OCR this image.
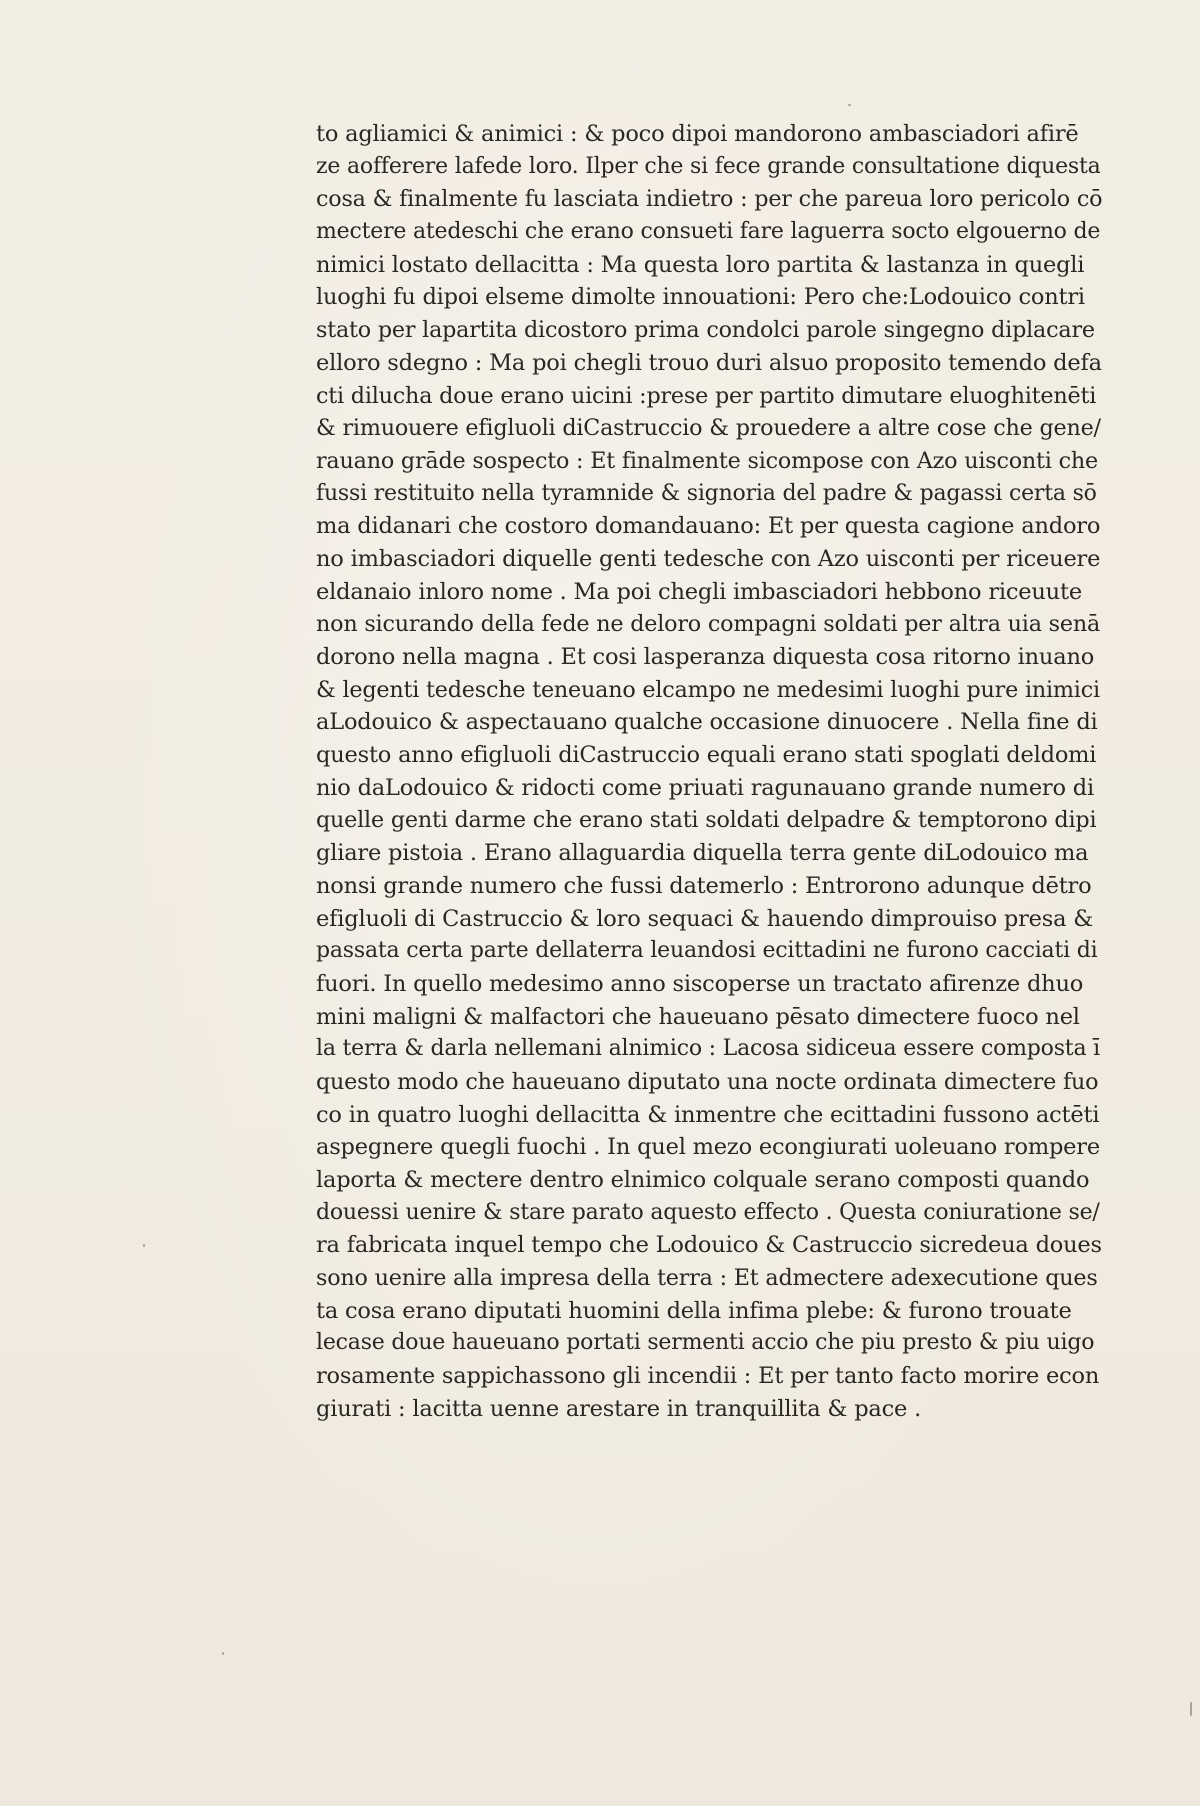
to agliamici & animici : & poco dipoi mandorono ambasciadori afirē
ze aofferere lafede loro. Ilper che si fece grande consultatione diquesta
cosa & finalmente fu lasciata indietro : per che pareua loro pericolo cō
mectere atedeschi che erano consueti fare laguerra socto elgouerno de
nimici lostato dellacitta : Ma questa loro partita & lastanza in quegli
luoghi fu dipoi elseme dimolte innouationi: Pero che:Lodouico contri
stato per lapartita dicostoro prima condolci parole singegno diplacare
elloro sdegno : Ma poi chegli trouo duri alsuo proposito temendo defa
cti dilucha doue erano uicini :prese per partito dimutare eluoghitenēti
& rimuouere efigluoli diCastruccio & prouedere a altre cose che gene/
rauano grāde sospecto : Et finalmente sicompose con Azo uisconti che
fussi restituito nella tyramnide & signoria del padre & pagassi certa sō
ma didanari che costoro domandauano: Et per questa cagione andoro
no imbasciadori diquelle genti tedesche con Azo uisconti per riceuere
eldanaio inloro nome . Ma poi chegli imbasciadori hebbono riceuute
non sicurando della fede ne deloro compagni soldati per altra uia senā
dorono nella magna . Et cosi lasperanza diquesta cosa ritorno inuano
& legenti tedesche teneuano elcampo ne medesimi luoghi pure inimici
aLodouico & aspectauano qualche occasione dinuocere . Nella fine di
questo anno efigluoli diCastruccio equali erano stati spoglati deldomi
nio daLodouico & ridocti come priuati ragunauano grande numero di
quelle genti darme che erano stati soldati delpadre & temptorono dipi
gliare pistoia . Erano allaguardia diquella terra gente diLodouico ma
nonsi grande numero che fussi datemerlo : Entrorono adunque dētro
efigluoli di Castruccio & loro sequaci & hauendo dimprouiso presa &
passata certa parte dellaterra leuandosi ecittadini ne furono cacciati di
fuori. In quello medesimo anno siscoperse un tractato afirenze dhuo
mini maligni & malfactori che haueuano pēsato dimectere fuoco nel
la terra & darla nellemani alnimico : Lacosa sidiceua essere composta ī
questo modo che haueuano diputato una nocte ordinata dimectere fuo
co in quatro luoghi dellacitta & inmentre che ecittadini fussono actēti
aspegnere quegli fuochi . In quel mezo econgiurati uoleuano rompere
laporta & mectere dentro elnimico colquale serano composti quando
douessi uenire & stare parato aquesto effecto . Questa coniuratione se/
ra fabricata inquel tempo che Lodouico & Castruccio sicredeua doues
sono uenire alla impresa della terra : Et admectere adexecutione ques
ta cosa erano diputati huomini della infima plebe: & furono trouate
lecase doue haueuano portati sermenti accio che piu presto & piu uigo
rosamente sappichassono gli incendii : Et per tanto facto morire econ
giurati : lacitta uenne arestare in tranquillita & pace .
